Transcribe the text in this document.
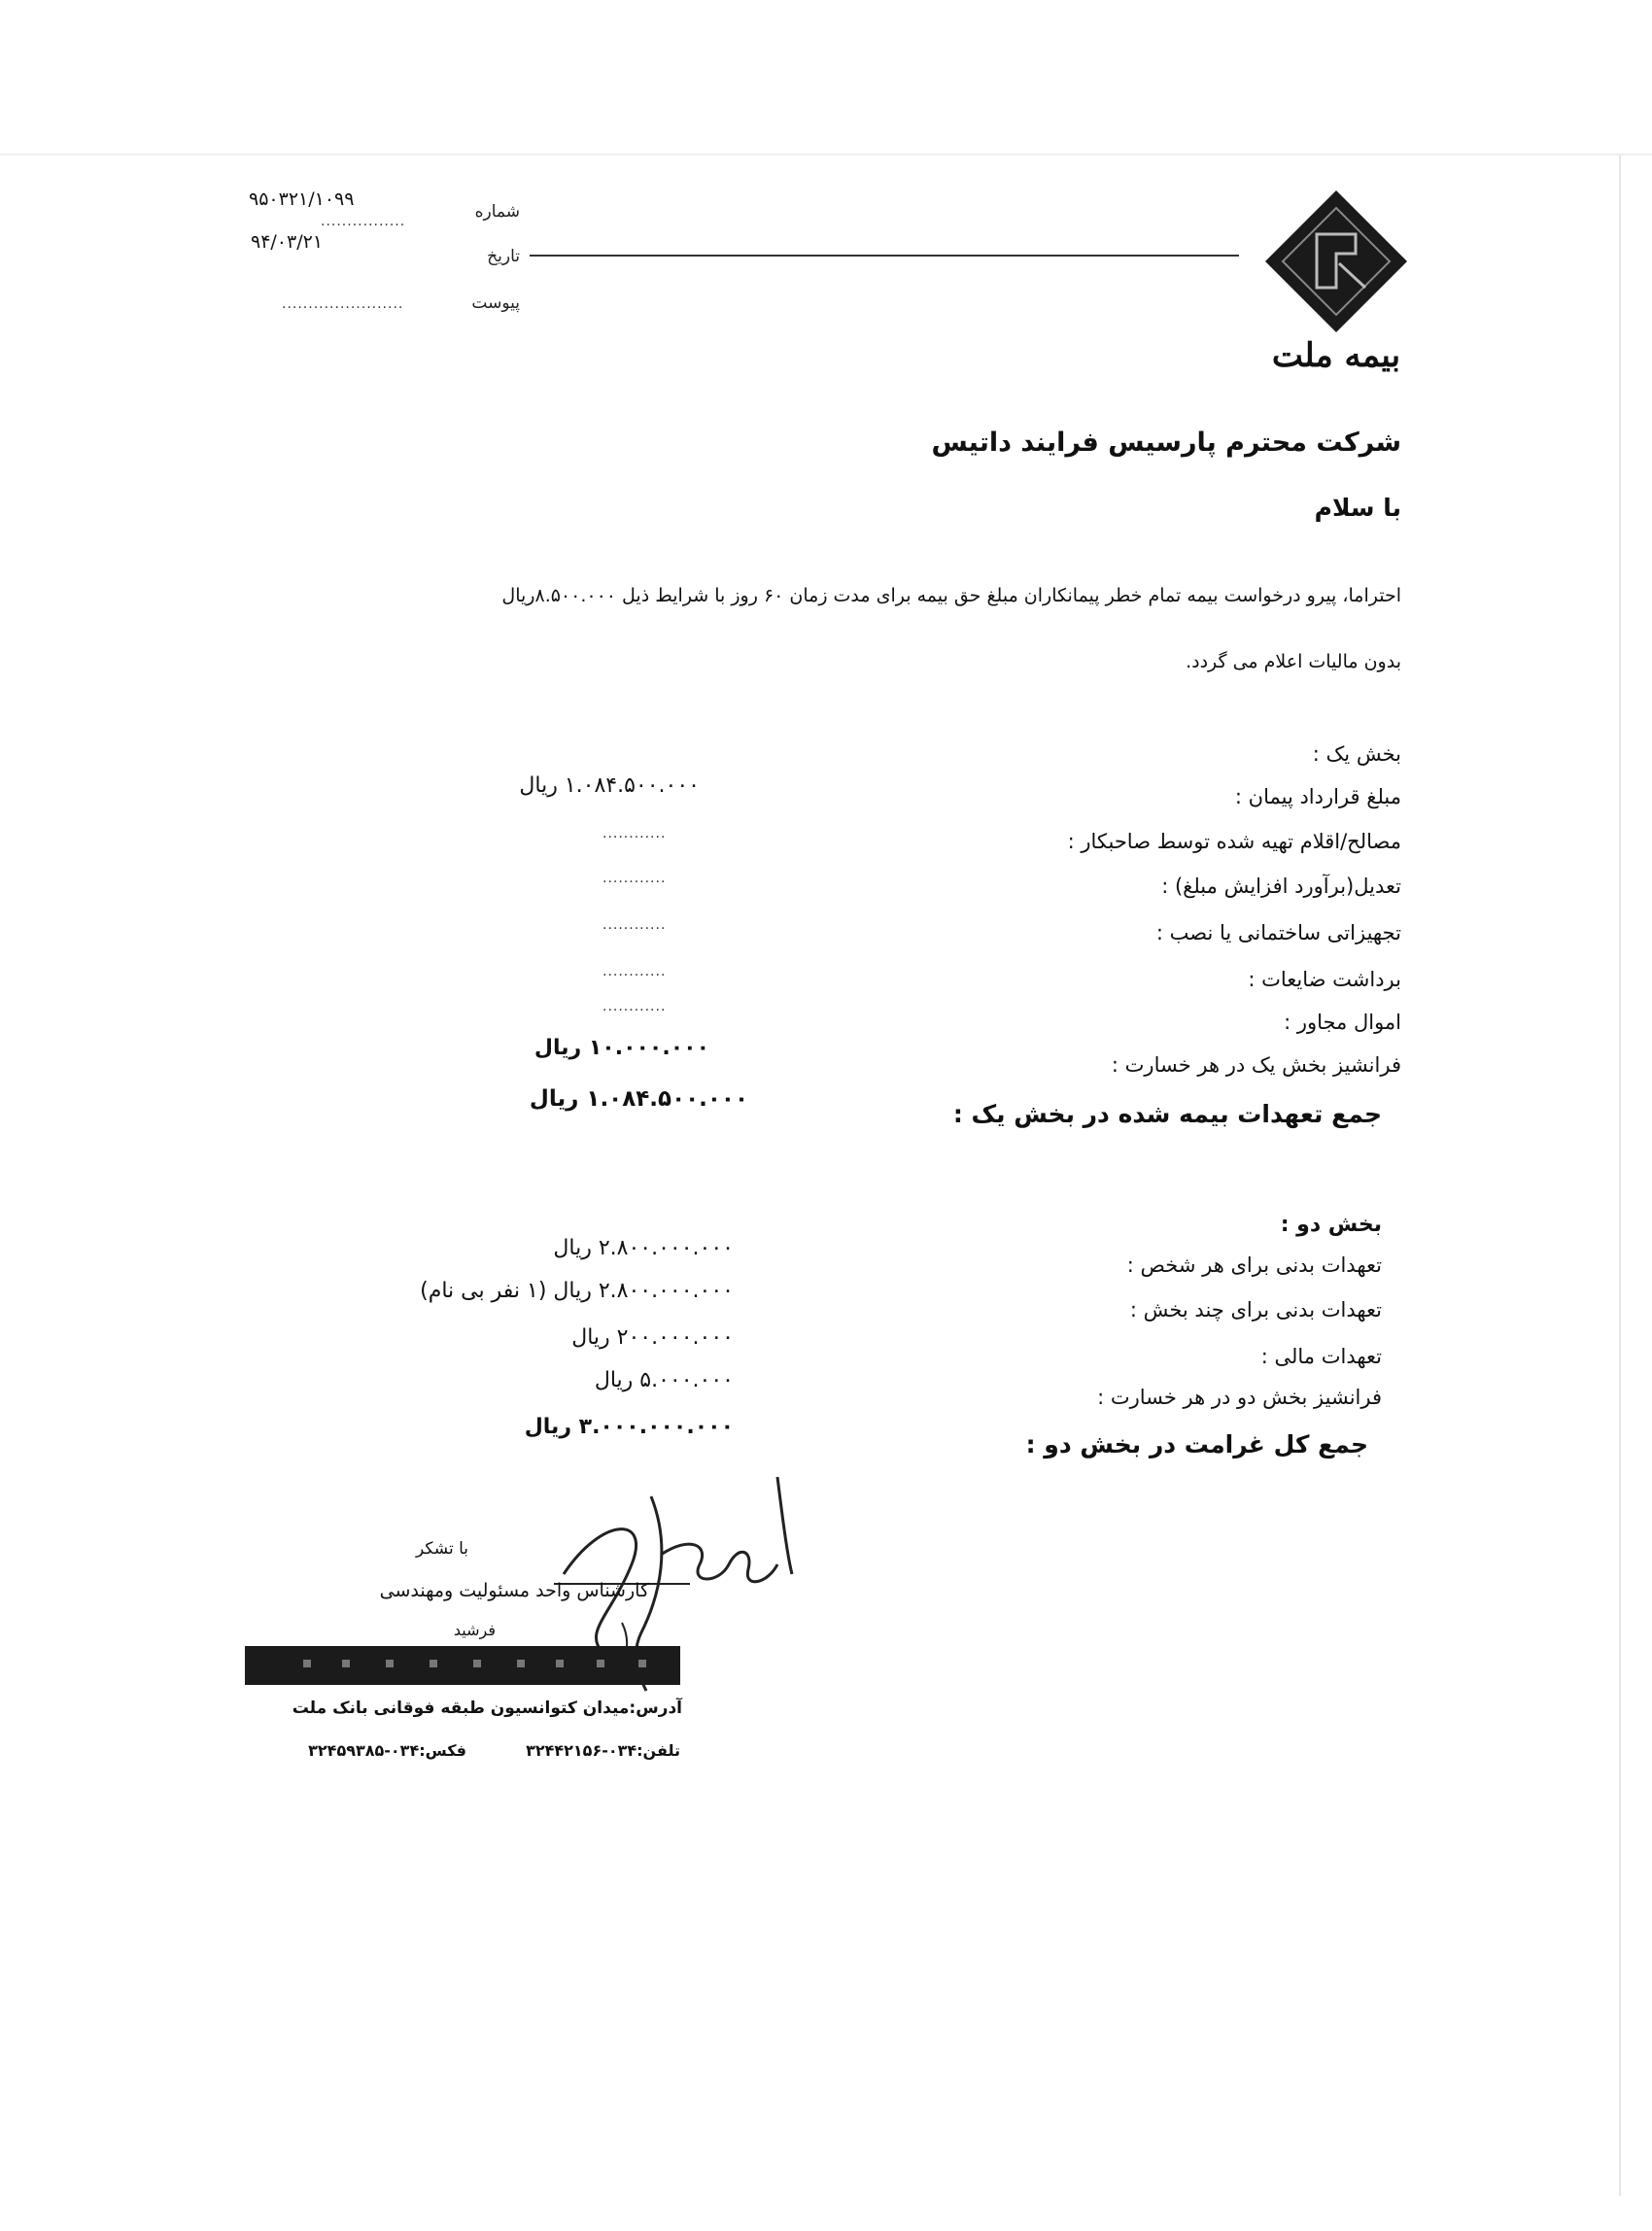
بیمه ملت
شماره
۹۵۰۳۲۱/۱۰۹۹
................
تاریخ
۹۴/۰۳/۲۱
پیوست
.......................
شرکت محترم پارسیس فرایند داتیس
با سلام
احتراما، پیرو درخواست بیمه تمام خطر پیمانکاران مبلغ حق بیمه برای مدت زمان ۶۰ روز با شرایط ذیل ۸.۵۰۰.۰۰۰ریال
بدون مالیات اعلام می گردد.
بخش یک :
مبلغ قرارداد پیمان :
۱.۰۸۴.۵۰۰.۰۰۰ ریال
مصالح/اقلام تهیه شده توسط صاحبکار :
............
تعدیل(برآورد افزایش مبلغ) :
............
تجهیزاتی ساختمانی یا نصب :
............
برداشت ضایعات :
............
اموال مجاور :
............
فرانشیز بخش یک در هر خسارت :
۱۰.۰۰۰.۰۰۰ ریال
جمع تعهدات بیمه شده در بخش یک :
۱.۰۸۴.۵۰۰.۰۰۰ ریال
بخش دو :
تعهدات بدنی برای هر شخص :
۲.۸۰۰.۰۰۰.۰۰۰ ریال
تعهدات بدنی برای چند بخش :
۲.۸۰۰.۰۰۰.۰۰۰ ریال (۱ نفر بی نام)
تعهدات مالی :
۲۰۰.۰۰۰.۰۰۰ ریال
فرانشیز بخش دو در هر خسارت :
۵.۰۰۰.۰۰۰ ریال
جمع کل غرامت در بخش دو :
۳.۰۰۰.۰۰۰.۰۰۰ ریال
با تشکر
کارشناس واحد مسئولیت ومهندسی
فرشید
آدرس:میدان کتوانسیون طبقه فوقانی بانک ملت
تلفن:۰۳۴-۳۲۴۴۲۱۵۶
فکس:۰۳۴-۳۲۴۵۹۳۸۵
